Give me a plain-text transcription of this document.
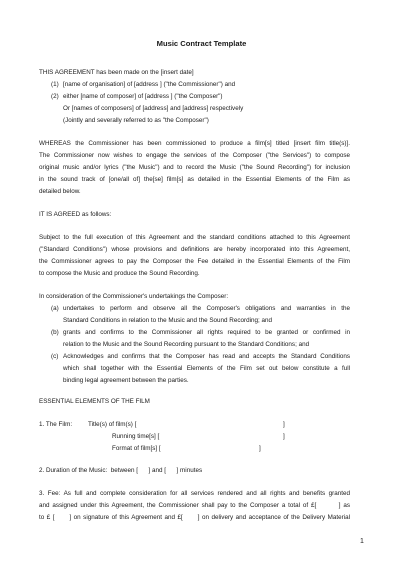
Music Contract Template
THIS AGREEMENT has been made on the [insert date]
(1) [name of organisation] of [address ] ("the Commissioner") and
(2) either [name of composer] of [address ] ("the Composer")
Or [names of composers] of [address] and [address] respectively
(Jointly and severally referred to as "the Composer")
WHEREAS the Commissioner has been commissioned to produce a film[s] titled [insert film title(s)].
The Commissioner now wishes to engage the services of the Composer ("the Services") to compose
original music and/or lyrics ("the Music") and to record the Music ("the Sound Recording") for inclusion
in the sound track of [one/all of] the[se] film[s] as detailed in the Essential Elements of the Film as
detailed below.
IT IS AGREED as follows:
Subject to the full execution of this Agreement and the standard conditions attached to this Agreement
("Standard Conditions") whose provisions and definitions are hereby incorporated into this Agreement,
the Commissioner agrees to pay the Composer the Fee detailed in the Essential Elements of the Film
to compose the Music and produce the Sound Recording.
In consideration of the Commissioner's undertakings the Composer:
(a) undertakes to perform and observe all the Composer's obligations and warranties in the
Standard Conditions in relation to the Music and the Sound Recording; and
(b) grants and confirms to the Commissioner all rights required to be granted or confirmed in
relation to the Music and the Sound Recording pursuant to the Standard Conditions; and
(c) Acknowledges and confirms that the Composer has read and accepts the Standard Conditions
which shall together with the Essential Elements of the Film set out below constitute a full
binding legal agreement between the parties.
ESSENTIAL ELEMENTS OF THE FILM
1. The Film:	Title(s) of film(s) [	]
Running time[s] [	]
Format of film[s] [	]
2. Duration of the Music:  between [      ] and [      ] minutes
3. Fee: As full and complete consideration for all services rendered and all rights and benefits granted
and assigned under this Agreement, the Commissioner shall pay to the Composer a total of £[        ] as
to £ [      ] on signature of this Agreement and £[      ] on delivery and acceptance of the Delivery Material
1
